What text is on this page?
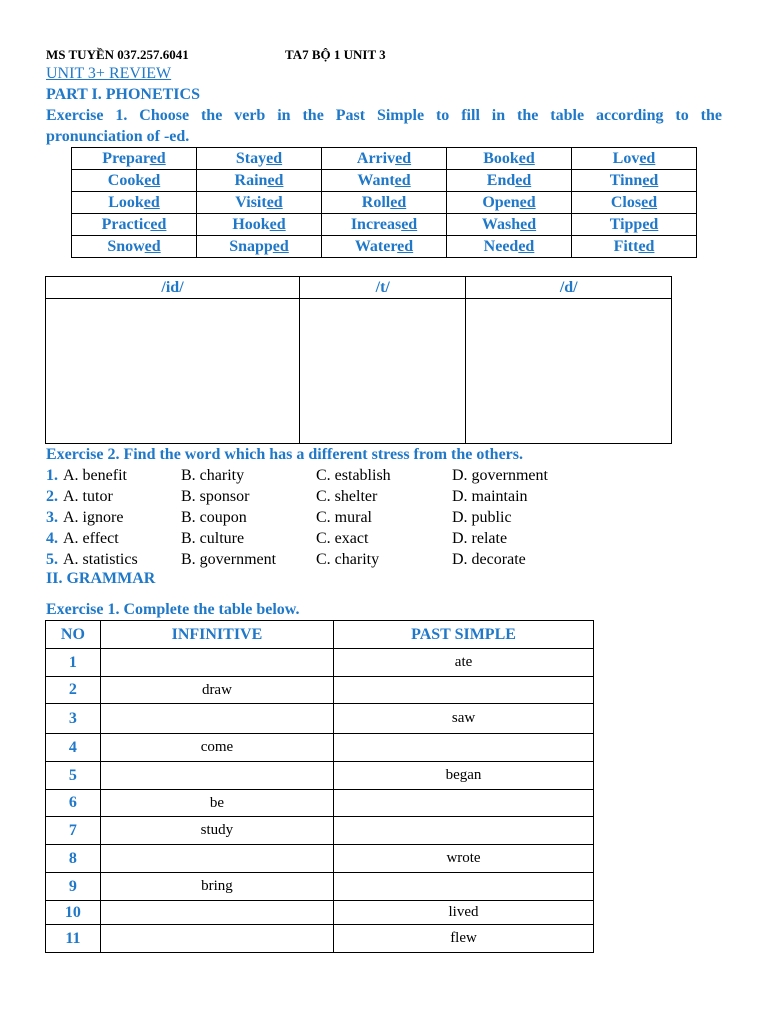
MS TUYỀN 037.257.6041	TA7 BỘ 1 UNIT 3
UNIT 3+ REVIEW
PART I. PHONETICS
Exercise 1. Choose the verb in the Past Simple to fill in the table according to the
pronunciation of -ed.
Prepared	Stayed	Arrived	Booked	Loved
Cooked	Rained	Wanted	Ended	Tinned
Looked	Visited	Rolled	Opened	Closed
Practiced	Hooked	Increased	Washed	Tipped
Snowed	Snapped	Watered	Needed	Fitted
/id/	/t/	/d/

Exercise 2. Find the word which has a different stress from the others.
1. A. benefit	B. charity	C. establish	D. government
2. A. tutor	B. sponsor	C. shelter	D. maintain
3. A. ignore	B. coupon	C. mural	D. public
4. A. effect	B. culture	C. exact	D. relate
5. A. statistics	B. government C. charity	D. decorate
II. GRAMMAR
Exercise 1. Complete the table below.
NO	INFINITIVE	PAST SIMPLE
1		ate
2	draw	
3		saw
4	come	
5		began
6	be	
7	study	
8		wrote
9	bring	
10		lived
11		flew
